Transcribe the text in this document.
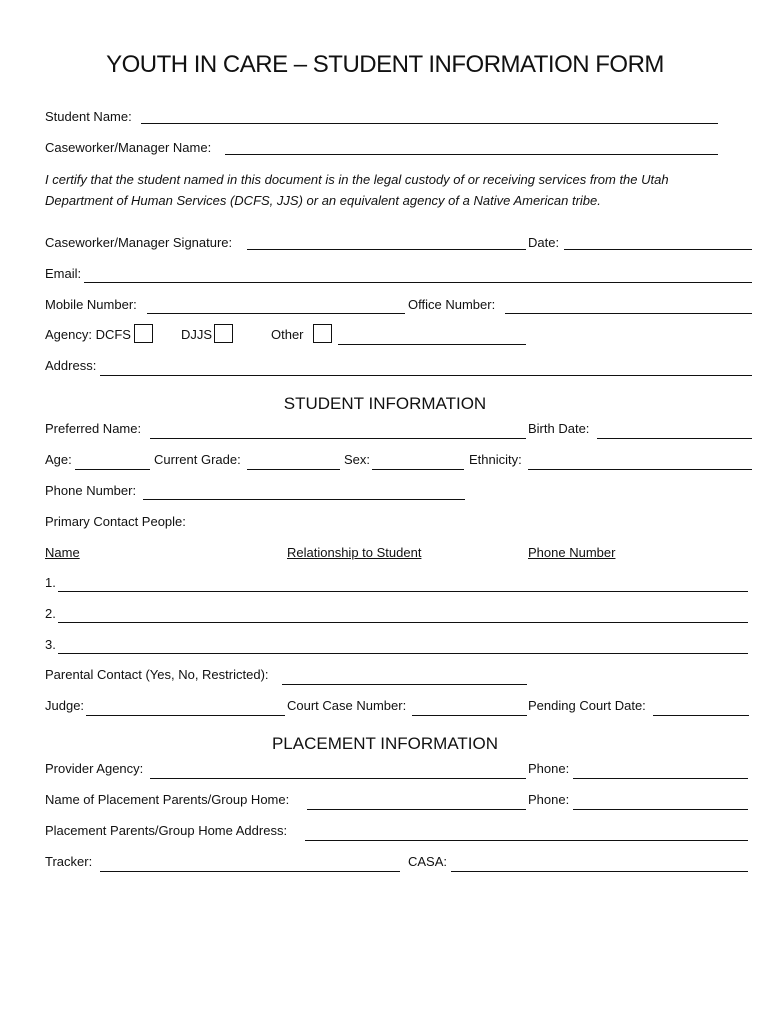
YOUTH IN CARE – STUDENT INFORMATION FORM
Student Name:
Caseworker/Manager Name:
I certify that the student named in this document is in the legal custody of or receiving services from the Utah Department of Human Services (DCFS, JJS) or an equivalent agency of a Native American tribe.
Caseworker/Manager Signature:	Date:
Email:
Mobile Number:	Office Number:
Agency: DCFS	DJJS	Other
Address:
STUDENT INFORMATION
Preferred Name:	Birth Date:
Age:	Current Grade:	Sex:	Ethnicity:
Phone Number:
Primary Contact People:
Name	Relationship to Student	Phone Number
1.
2.
3.
Parental Contact (Yes, No, Restricted):
Judge:	Court Case Number:	Pending Court Date:
PLACEMENT INFORMATION
Provider Agency:	Phone:
Name of Placement Parents/Group Home:	Phone:
Placement Parents/Group Home Address:
Tracker:	CASA:
